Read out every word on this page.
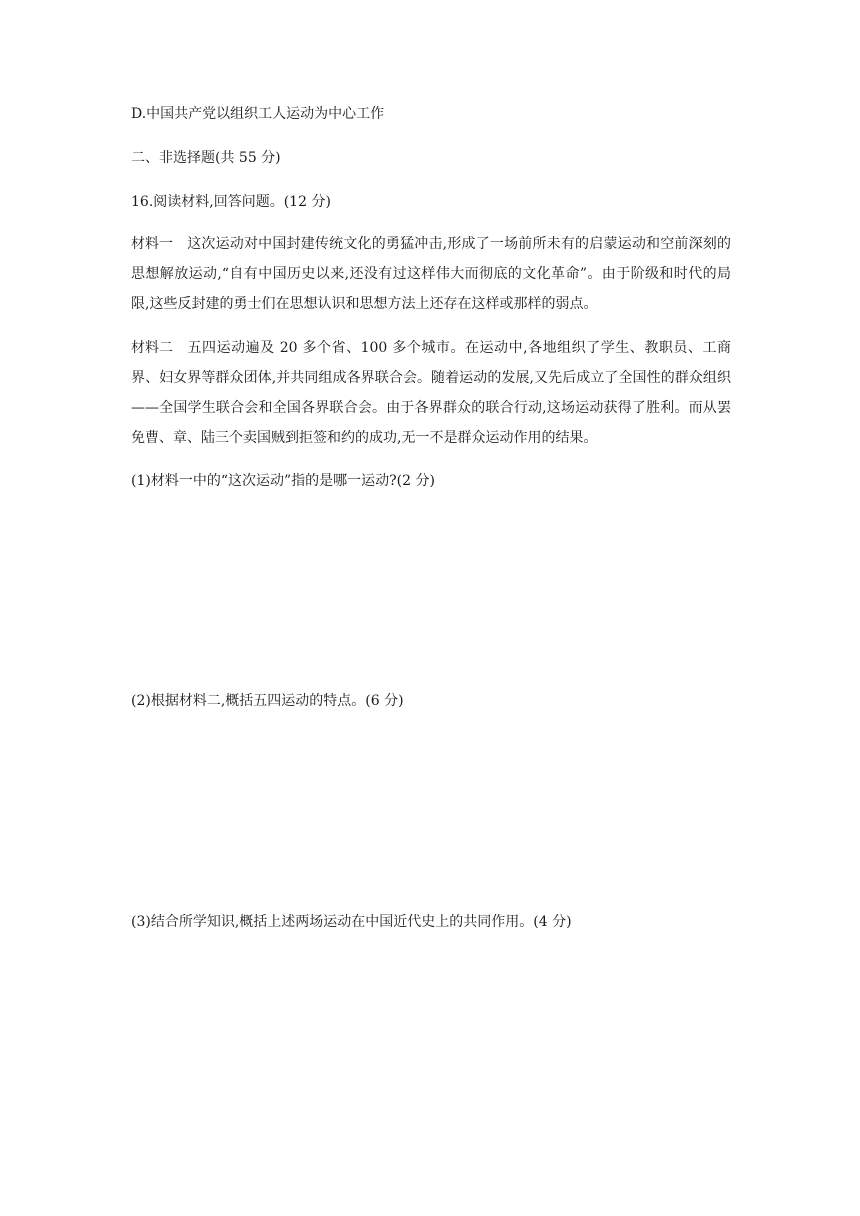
D.中国共产党以组织工人运动为中心工作
二、非选择题(共 55 分)
16.阅读材料,回答问题。(12 分)
材料一 这次运动对中国封建传统文化的勇猛冲击,形成了一场前所未有的启蒙运动和空前深刻的思想解放运动,“自有中国历史以来,还没有过这样伟大而彻底的文化革命”。由于阶级和时代的局限,这些反封建的勇士们在思想认识和思想方法上还存在这样或那样的弱点。
材料二 五四运动遍及 20 多个省、100 多个城市。在运动中,各地组织了学生、教职员、工商界、妇女界等群众团体,并共同组成各界联合会。随着运动的发展,又先后成立了全国性的群众组织——全国学生联合会和全国各界联合会。由于各界群众的联合行动,这场运动获得了胜利。而从罢免曹、章、陆三个卖国贼到拒签和约的成功,无一不是群众运动作用的结果。
(1)材料一中的“这次运动”指的是哪一运动?(2 分)
(2)根据材料二,概括五四运动的特点。(6 分)
(3)结合所学知识,概括上述两场运动在中国近代史上的共同作用。(4 分)
